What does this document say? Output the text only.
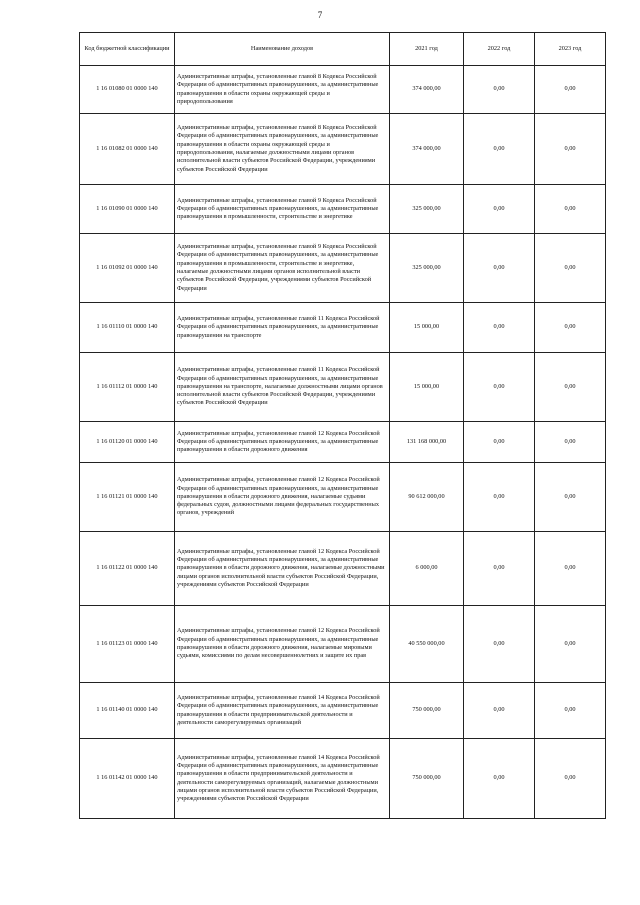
7
Код бюджетной классификации	Наименование доходов	2021 год	2022 год	2023 год
1 16 01080 01 0000 140	Административные штрафы, установленные главой 8 Кодекса Российской Федерации об административных правонарушениях, за административные правонарушения в области охраны окружающей среды и природопользования	374 000,00	0,00	0,00
1 16 01082 01 0000 140	Административные штрафы, установленные главой 8 Кодекса Российской Федерации об административных правонарушениях, за административные правонарушения в области охраны окружающей среды и природопользования, налагаемые должностными лицами органов исполнительной власти субъектов Российской Федерации, учреждениями субъектов Российской Федерации	374 000,00	0,00	0,00
1 16 01090 01 0000 140	Административные штрафы, установленные главой 9 Кодекса Российской Федерации об административных правонарушениях, за административные правонарушения в промышленности, строительстве и энергетике	325 000,00	0,00	0,00
1 16 01092 01 0000 140	Административные штрафы, установленные главой 9 Кодекса Российской Федерации об административных правонарушениях, за административные правонарушения в промышленности, строительстве и энергетике, налагаемые должностными лицами органов исполнительной власти субъектов Российской Федерации, учреждениями субъектов Российской Федерации	325 000,00	0,00	0,00
1 16 01110 01 0000 140	Административные штрафы, установленные главой 11 Кодекса Российской Федерации об административных правонарушениях, за административные правонарушения на транспорте	15 000,00	0,00	0,00
1 16 01112 01 0000 140	Административные штрафы, установленные главой 11 Кодекса Российской Федерации об административных правонарушениях, за административные правонарушения на транспорте, налагаемые должностными лицами органов исполнительной власти субъектов Российской Федерации, учреждениями субъектов Российской Федерации	15 000,00	0,00	0,00
1 16 01120 01 0000 140	Административные штрафы, установленные главой 12 Кодекса Российской Федерации об административных правонарушениях, за административные правонарушения в области дорожного движения	131 168 000,00	0,00	0,00
1 16 01121 01 0000 140	Административные штрафы, установленные главой 12 Кодекса Российской Федерации об административных правонарушениях, за административные правонарушения в области дорожного движения, налагаемые судьями федеральных судов, должностными лицами федеральных государственных органов, учреждений	90 612 000,00	0,00	0,00
1 16 01122 01 0000 140	Административные штрафы, установленные главой 12 Кодекса Российской Федерации об административных правонарушениях, за административные правонарушения в области дорожного движения, налагаемые должностными лицами органов исполнительной власти субъектов Российской Федерации, учреждениями субъектов Российской Федерации	6 000,00	0,00	0,00
1 16 01123 01 0000 140	Административные штрафы, установленные главой 12 Кодекса Российской Федерации об административных правонарушениях, за административные правонарушения в области дорожного движения, налагаемые мировыми судьями, комиссиями по делам несовершеннолетних и защите их прав	40 550 000,00	0,00	0,00
1 16 01140 01 0000 140	Административные штрафы, установленные главой 14 Кодекса Российской Федерации об административных правонарушениях, за административные правонарушения в области предпринимательской деятельности и деятельности саморегулируемых организаций	750 000,00	0,00	0,00
1 16 01142 01 0000 140	Административные штрафы, установленные главой 14 Кодекса Российской Федерации об административных правонарушениях, за административные правонарушения в области предпринимательской деятельности и деятельности саморегулируемых организаций, налагаемые должностными лицами органов исполнительной власти субъектов Российской Федерации, учреждениями субъектов Российской Федерации	750 000,00	0,00	0,00
